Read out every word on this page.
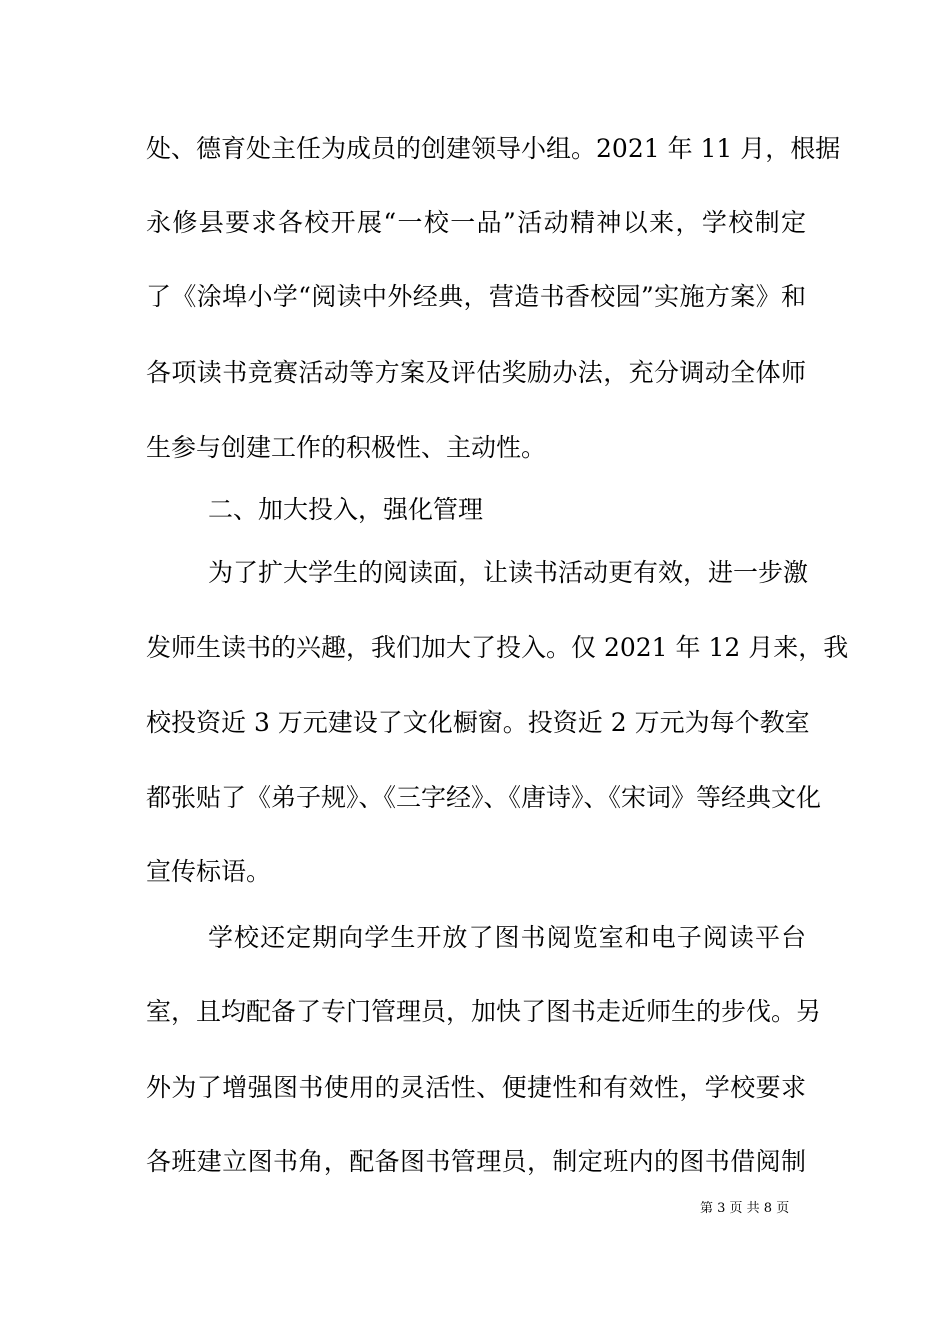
处、德育处主任为成员的创建领导小组。2021 年 11 月，根据
永修县要求各校开展“一校一品”活动精神以来，学校制定
了《涂埠小学“阅读中外经典，营造书香校园”实施方案》和
各项读书竞赛活动等方案及评估奖励办法，充分调动全体师
生参与创建工作的积极性、主动性。
二、加大投入，强化管理
为了扩大学生的阅读面，让读书活动更有效，进一步激
发师生读书的兴趣，我们加大了投入。仅 2021 年 12 月来，我
校投资近 3 万元建设了文化橱窗。投资近 2 万元为每个教室
都张贴了《弟子规》、《三字经》、《唐诗》、《宋词》等经典文化
宣传标语。
学校还定期向学生开放了图书阅览室和电子阅读平台
室，且均配备了专门管理员，加快了图书走近师生的步伐。另
外为了增强图书使用的灵活性、便捷性和有效性，学校要求
各班建立图书角，配备图书管理员，制定班内的图书借阅制
第 3 页 共 8 页
